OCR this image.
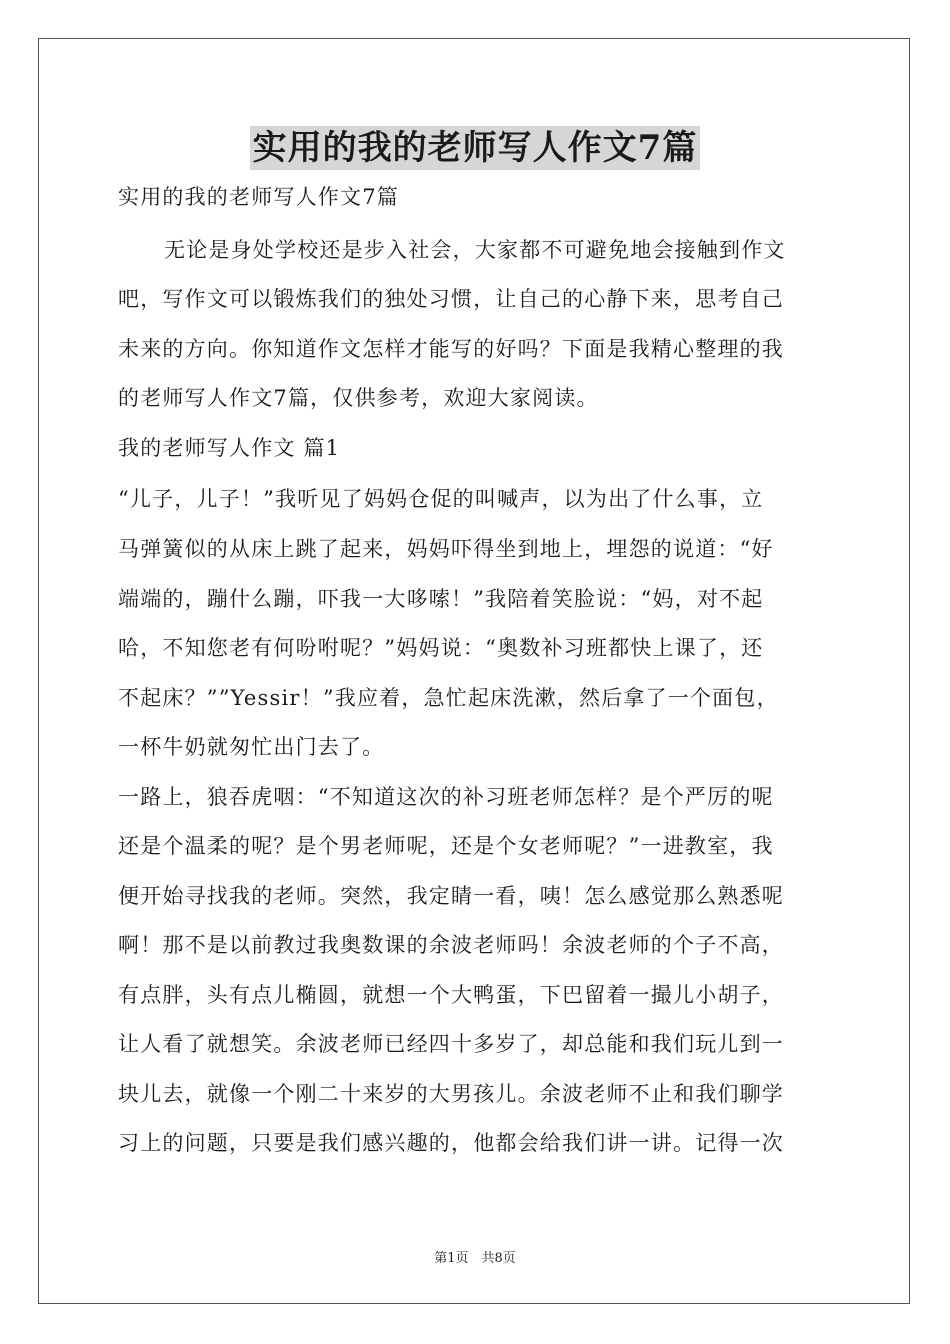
实用的我的老师写人作文7篇
实用的我的老师写人作文7篇
无论是身处学校还是步入社会，大家都不可避免地会接触到作文
吧，写作文可以锻炼我们的独处习惯，让自己的心静下来，思考自己
未来的方向。你知道作文怎样才能写的好吗？下面是我精心整理的我
的老师写人作文7篇，仅供参考，欢迎大家阅读。
我的老师写人作文 篇1
“儿子，儿子！”我听见了妈妈仓促的叫喊声，以为出了什么事，立
马弹簧似的从床上跳了起来，妈妈吓得坐到地上，埋怨的说道：“好
端端的，蹦什么蹦，吓我一大哆嗦！”我陪着笑脸说：“妈，对不起
哈，不知您老有何吩咐呢？”妈妈说：“奥数补习班都快上课了，还
不起床？””Yessir！”我应着，急忙起床洗漱，然后拿了一个面包，
一杯牛奶就匆忙出门去了。
一路上，狼吞虎咽：“不知道这次的补习班老师怎样？是个严厉的呢
还是个温柔的呢？是个男老师呢，还是个女老师呢？”一进教室，我
便开始寻找我的老师。突然，我定睛一看，咦！怎么感觉那么熟悉呢
啊！那不是以前教过我奥数课的余波老师吗！余波老师的个子不高，
有点胖，头有点儿椭圆，就想一个大鸭蛋，下巴留着一撮儿小胡子，
让人看了就想笑。余波老师已经四十多岁了，却总能和我们玩儿到一
块儿去，就像一个刚二十来岁的大男孩儿。余波老师不止和我们聊学
习上的问题，只要是我们感兴趣的，他都会给我们讲一讲。记得一次
第1页　共8页
